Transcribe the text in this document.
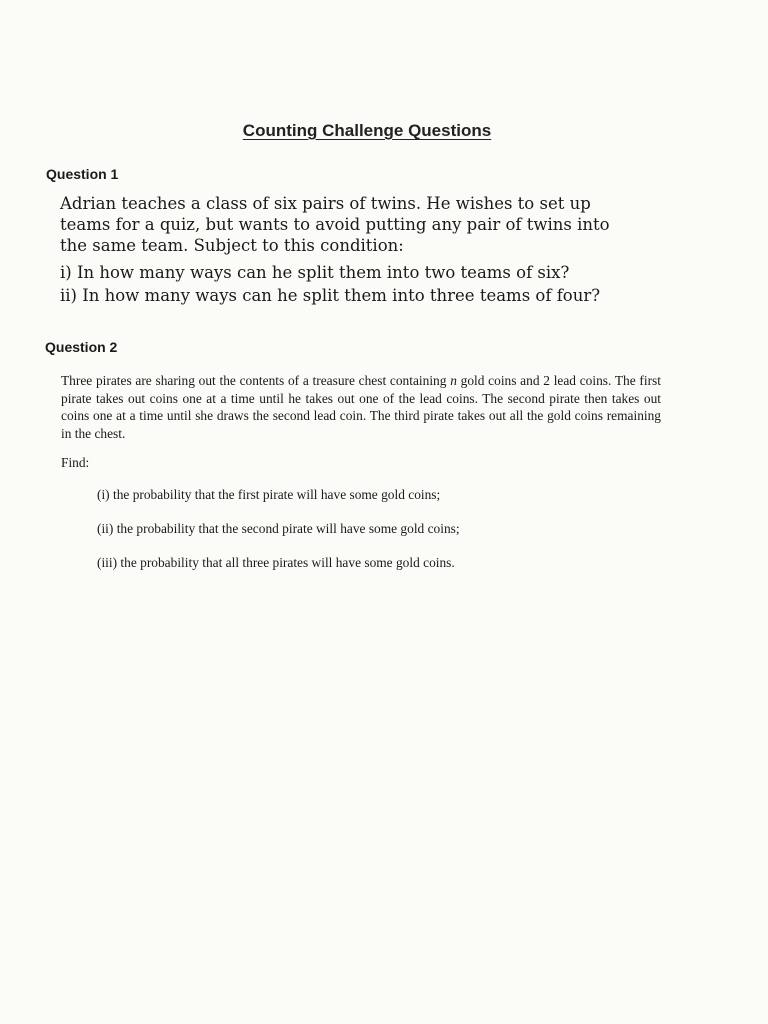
Counting Challenge Questions
Question 1

Adrian teaches a class of six pairs of twins. He wishes to set up teams for a quiz, but wants to avoid putting any pair of twins into the same team. Subject to this condition:

i) In how many ways can he split them into two teams of six?
ii) In how many ways can he split them into three teams of four?
Question 2
Three pirates are sharing out the contents of a treasure chest containing n gold coins and 2 lead coins. The first pirate takes out coins one at a time until he takes out one of the lead coins. The second pirate then takes out coins one at a time until she draws the second lead coin. The third pirate takes out all the gold coins remaining in the chest.
Find:
(i) the probability that the first pirate will have some gold coins;
(ii) the probability that the second pirate will have some gold coins;
(iii) the probability that all three pirates will have some gold coins.
